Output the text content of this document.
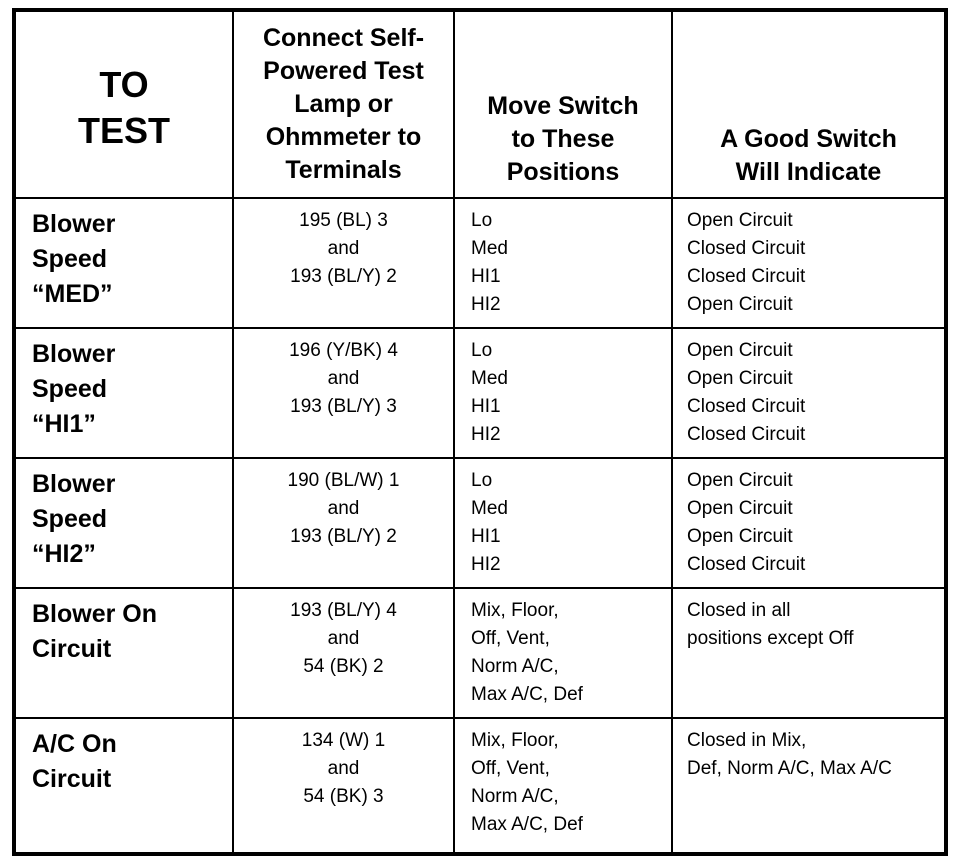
TO
TEST	Connect Self-
Powered Test
Lamp or
Ohmmeter to
Terminals	Move Switch
to These
Positions	A Good Switch
Will Indicate

Blower
Speed
“MED”	195 (BL) 3
and
193 (BL/Y) 2	Lo
Med
HI1
HI2	Open Circuit
Closed Circuit
Closed Circuit
Open Circuit

Blower
Speed
“HI1”	196 (Y/BK) 4
and
193 (BL/Y) 3	Lo
Med
HI1
HI2	Open Circuit
Open Circuit
Closed Circuit
Closed Circuit

Blower
Speed
“HI2”	190 (BL/W) 1
and
193 (BL/Y) 2	Lo
Med
HI1
HI2	Open Circuit
Open Circuit
Open Circuit
Closed Circuit

Blower On
Circuit	193 (BL/Y) 4
and
54 (BK) 2	Mix, Floor,
Off, Vent,
Norm A/C,
Max A/C, Def	Closed in all
positions except Off

A/C On
Circuit	134 (W) 1
and
54 (BK) 3	Mix, Floor,
Off, Vent,
Norm A/C,
Max A/C, Def	Closed in Mix,
Def, Norm A/C, Max A/C
